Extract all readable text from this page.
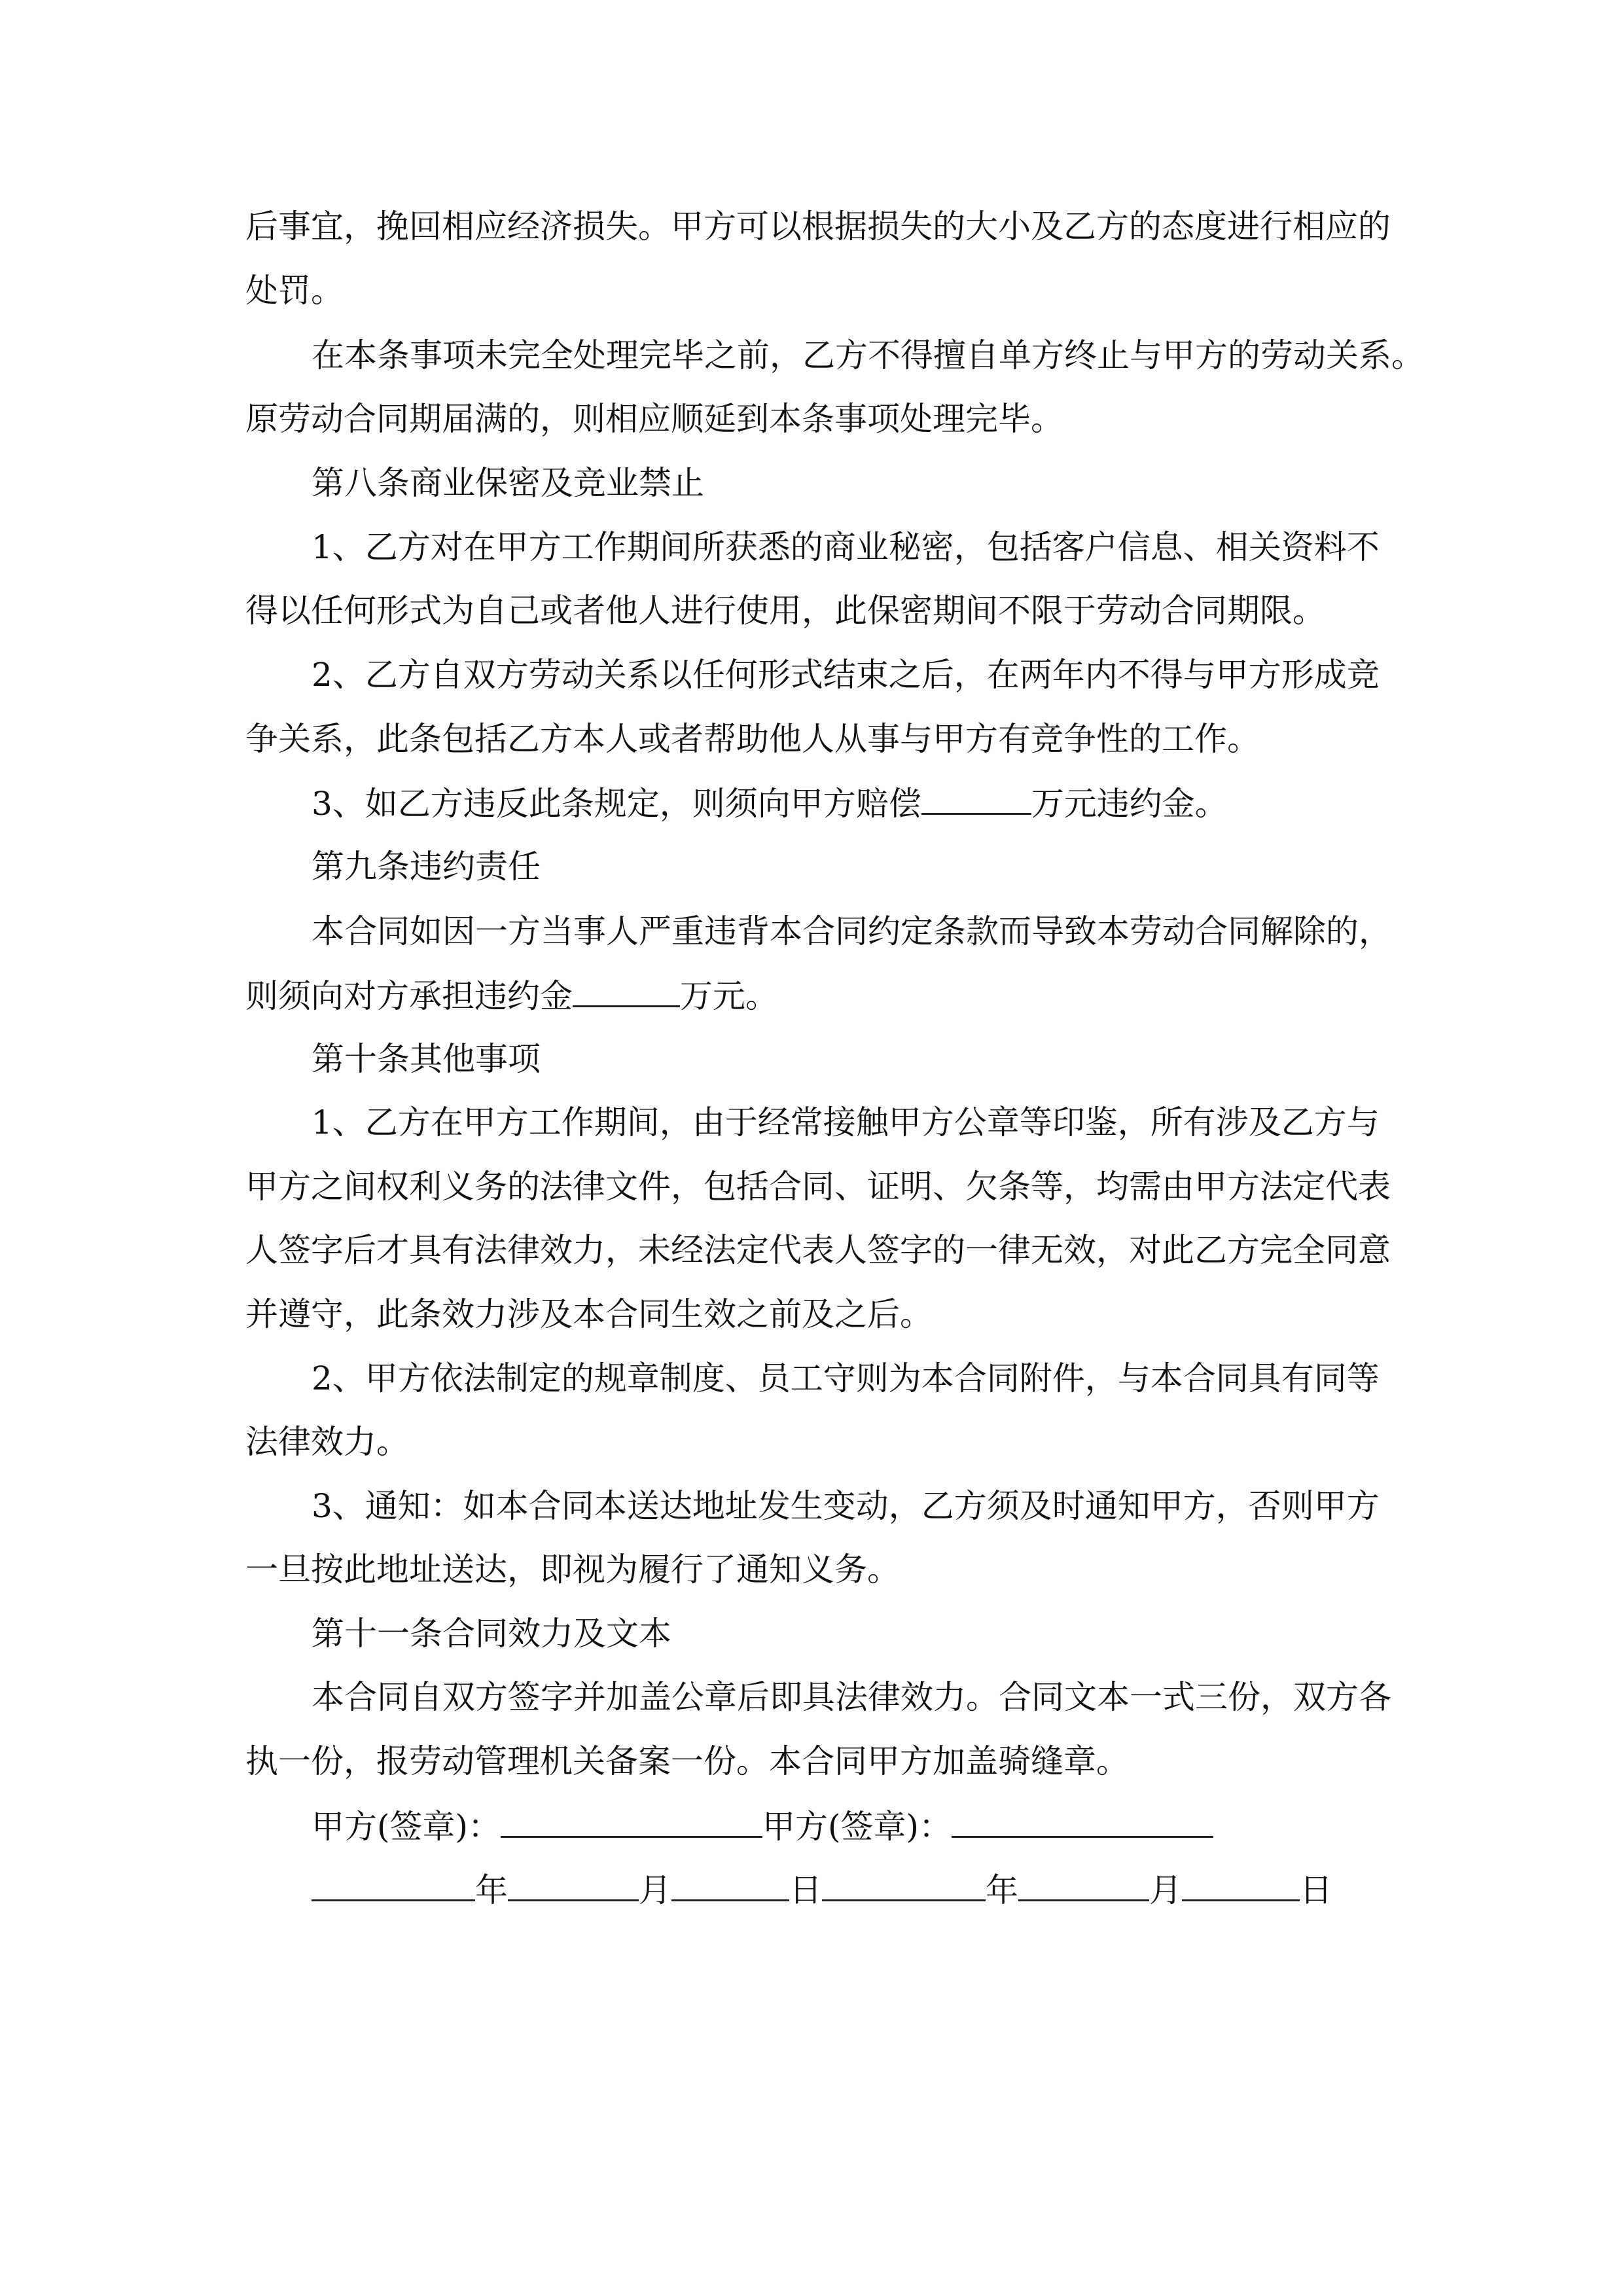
后事宜，挽回相应经济损失。甲方可以根据损失的大小及乙方的态度进行相应的
处罚。
在本条事项未完全处理完毕之前，乙方不得擅自单方终止与甲方的劳动关系。
原劳动合同期届满的，则相应顺延到本条事项处理完毕。
第八条商业保密及竞业禁止
1、乙方对在甲方工作期间所获悉的商业秘密，包括客户信息、相关资料不
得以任何形式为自己或者他人进行使用，此保密期间不限于劳动合同期限。
2、乙方自双方劳动关系以任何形式结束之后，在两年内不得与甲方形成竞
争关系，此条包括乙方本人或者帮助他人从事与甲方有竞争性的工作。
3、如乙方违反此条规定，则须向甲方赔偿	万元违约金。
第九条违约责任
本合同如因一方当事人严重违背本合同约定条款而导致本劳动合同解除的，
则须向对方承担违约金	万元。
第十条其他事项
1、乙方在甲方工作期间，由于经常接触甲方公章等印鉴，所有涉及乙方与
甲方之间权利义务的法律文件，包括合同、证明、欠条等，均需由甲方法定代表
人签字后才具有法律效力，未经法定代表人签字的一律无效，对此乙方完全同意
并遵守，此条效力涉及本合同生效之前及之后。
2、甲方依法制定的规章制度、员工守则为本合同附件，与本合同具有同等
法律效力。
3、通知：如本合同本送达地址发生变动，乙方须及时通知甲方，否则甲方
一旦按此地址送达，即视为履行了通知义务。
第十一条合同效力及文本
本合同自双方签字并加盖公章后即具法律效力。合同文本一式三份，双方各
执一份，报劳动管理机关备案一份。本合同甲方加盖骑缝章。
甲方(签章)：	甲方(签章)：
年	月	日	年	月	日
